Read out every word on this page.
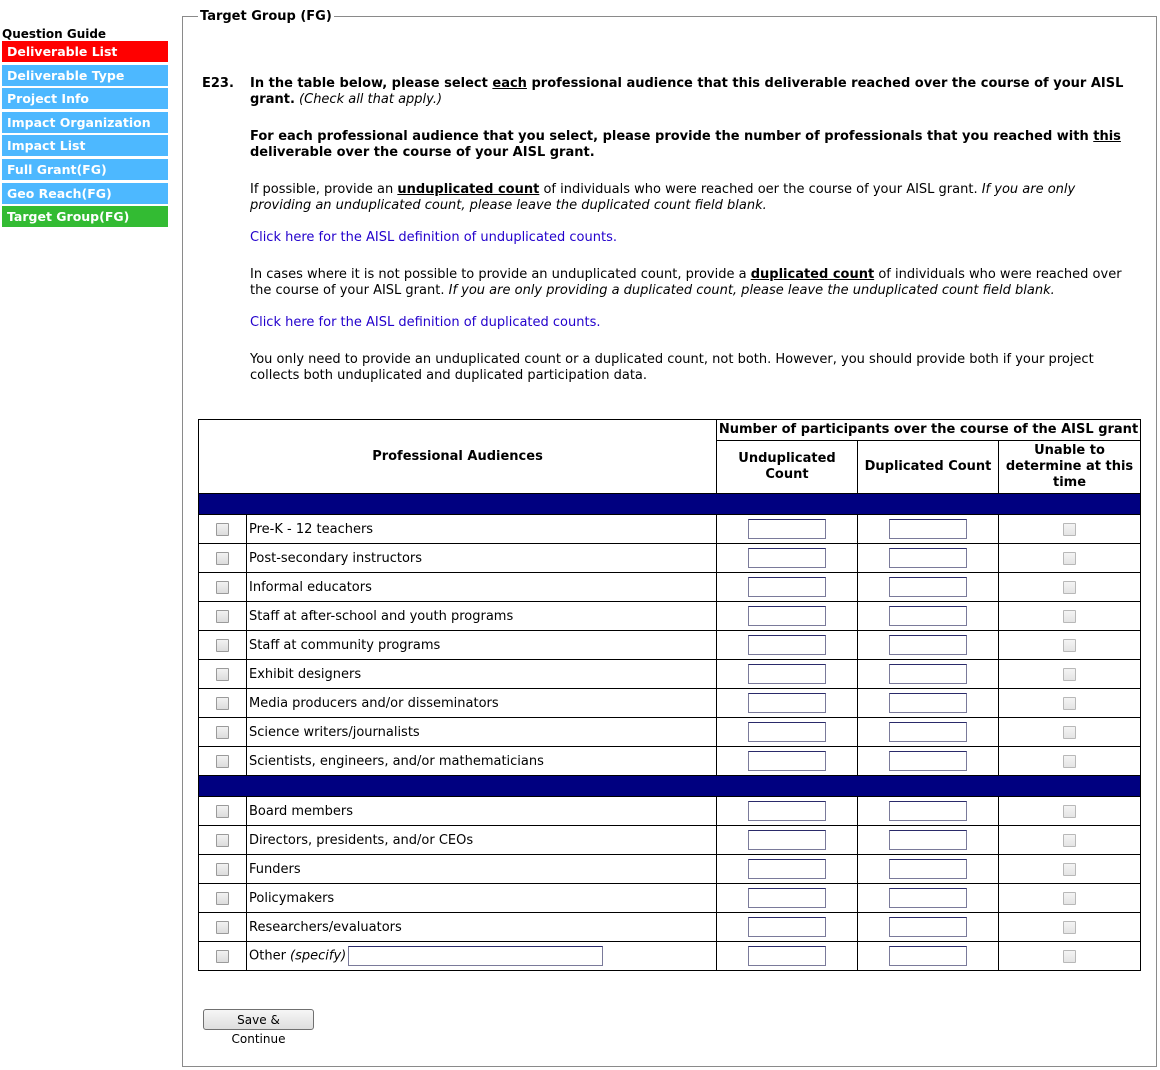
Question Guide
Deliverable List
Deliverable Type
Project Info
Impact Organization
Impact List
Full Grant(FG)
Geo Reach(FG)
Target Group(FG)
Target Group (FG)
E23. In the table below, please select each professional audience that this deliverable reached over the course of your AISL grant. (Check all that apply.)
For each professional audience that you select, please provide the number of professionals that you reached with this deliverable over the course of your AISL grant.
If possible, provide an unduplicated count of individuals who were reached oer the course of your AISL grant. If you are only providing an unduplicated count, please leave the duplicated count field blank.
Click here for the AISL definition of unduplicated counts.
In cases where it is not possible to provide an unduplicated count, provide a duplicated count of individuals who were reached over the course of your AISL grant. If you are only providing a duplicated count, please leave the unduplicated count field blank.
Click here for the AISL definition of duplicated counts.
You only need to provide an unduplicated count or a duplicated count, not both. However, you should provide both if your project collects both unduplicated and duplicated participation data.
Professional Audiences		Number of participants over the course of the AISL grant		
		Unduplicated Count	Duplicated Count	Unable to determine at this time

	Pre-K - 12 teachers			
	Post-secondary instructors			
	Informal educators			
	Staff at after-school and youth programs			
	Staff at community programs			
	Exhibit designers			
	Media producers and/or disseminators			
	Science writers/journalists			
	Scientists, engineers, and/or mathematicians			

	Board members			
	Directors, presidents, and/or CEOs			
	Funders			
	Policymakers			
	Researchers/evaluators			
	Other (specify)			
Save & Continue
